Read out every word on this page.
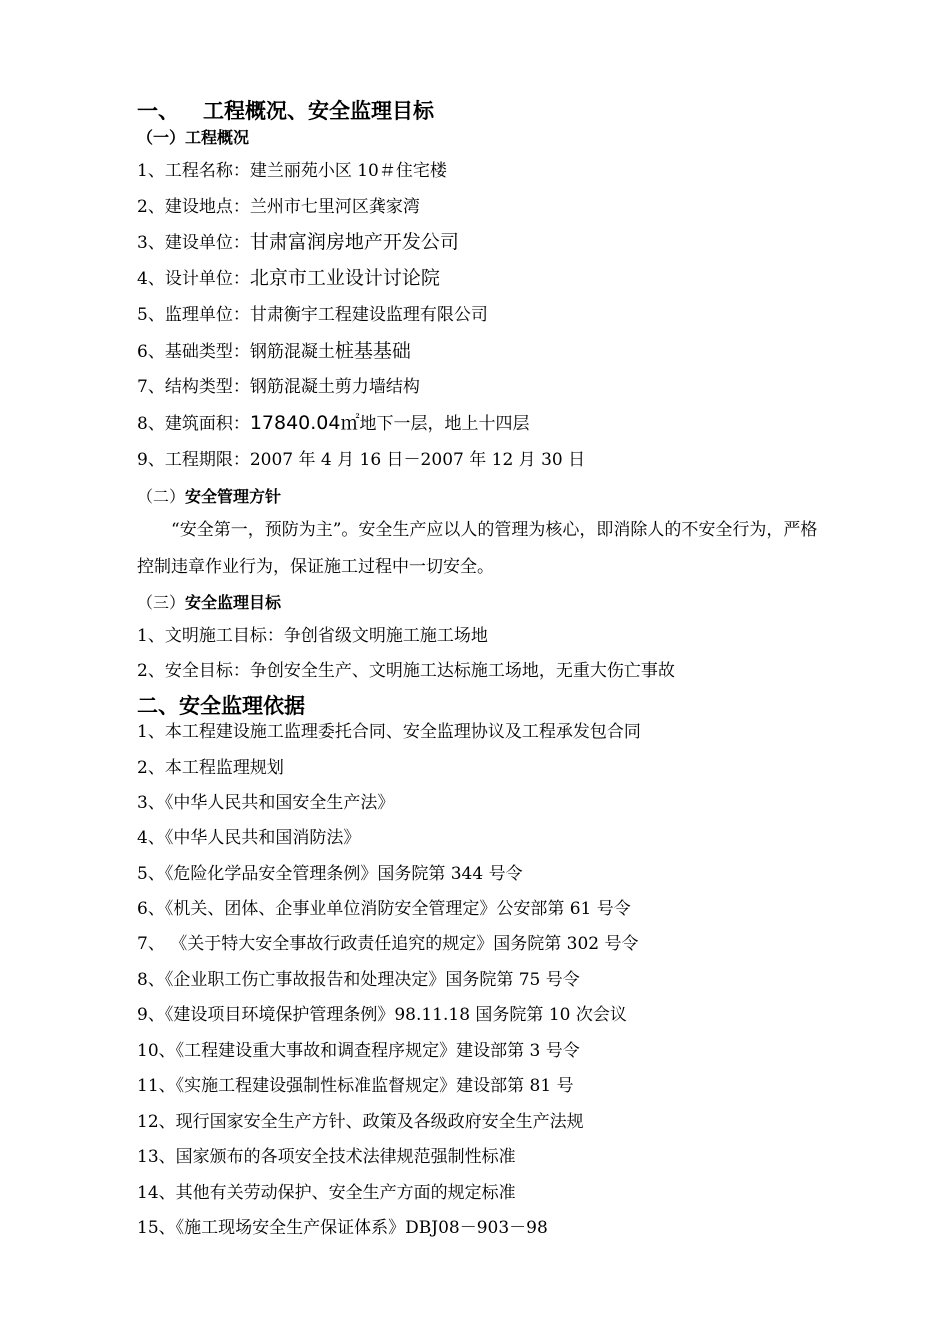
一、 工程概况、安全监理目标
（一）工程概况
1、工程名称：建兰丽苑小区 10＃住宅楼
2、建设地点：兰州市七里河区龚家湾
3、建设单位：甘肃富润房地产开发公司
4、设计单位：北京市工业设计讨论院
5、监理单位：甘肃衡宇工程建设监理有限公司
6、基础类型：钢筋混凝土桩基基础
7、结构类型：钢筋混凝土剪力墙结构
8、建筑面积：17840.04㎡地下一层，地上十四层
9、工程期限：2007 年 4 月 16 日－2007 年 12 月 30 日
（二）安全管理方针
“安全第一，预防为主”。安全生产应以人的管理为核心，即消除人的不安全行为，严格控制违章作业行为，保证施工过程中一切安全。
（三）安全监理目标
1、文明施工目标：争创省级文明施工施工场地
2、安全目标：争创安全生产、文明施工达标施工场地，无重大伤亡事故
二、安全监理依据
1、本工程建设施工监理委托合同、安全监理协议及工程承发包合同
2、本工程监理规划
3、《中华人民共和国安全生产法》
4、《中华人民共和国消防法》
5、《危险化学品安全管理条例》国务院第 344 号令
6、《机关、团体、企事业单位消防安全管理定》公安部第 61 号令
7、 《关于特大安全事故行政责任追究的规定》国务院第 302 号令
8、《企业职工伤亡事故报告和处理决定》国务院第 75 号令
9、《建设项目环境保护管理条例》98.11.18 国务院第 10 次会议
10、《工程建设重大事故和调查程序规定》建设部第 3 号令
11、《实施工程建设强制性标准监督规定》建设部第 81 号
12、现行国家安全生产方针、政策及各级政府安全生产法规
13、国家颁布的各项安全技术法律规范强制性标准
14、其他有关劳动保护、安全生产方面的规定标准
15、《施工现场安全生产保证体系》DBJ08－903－98
